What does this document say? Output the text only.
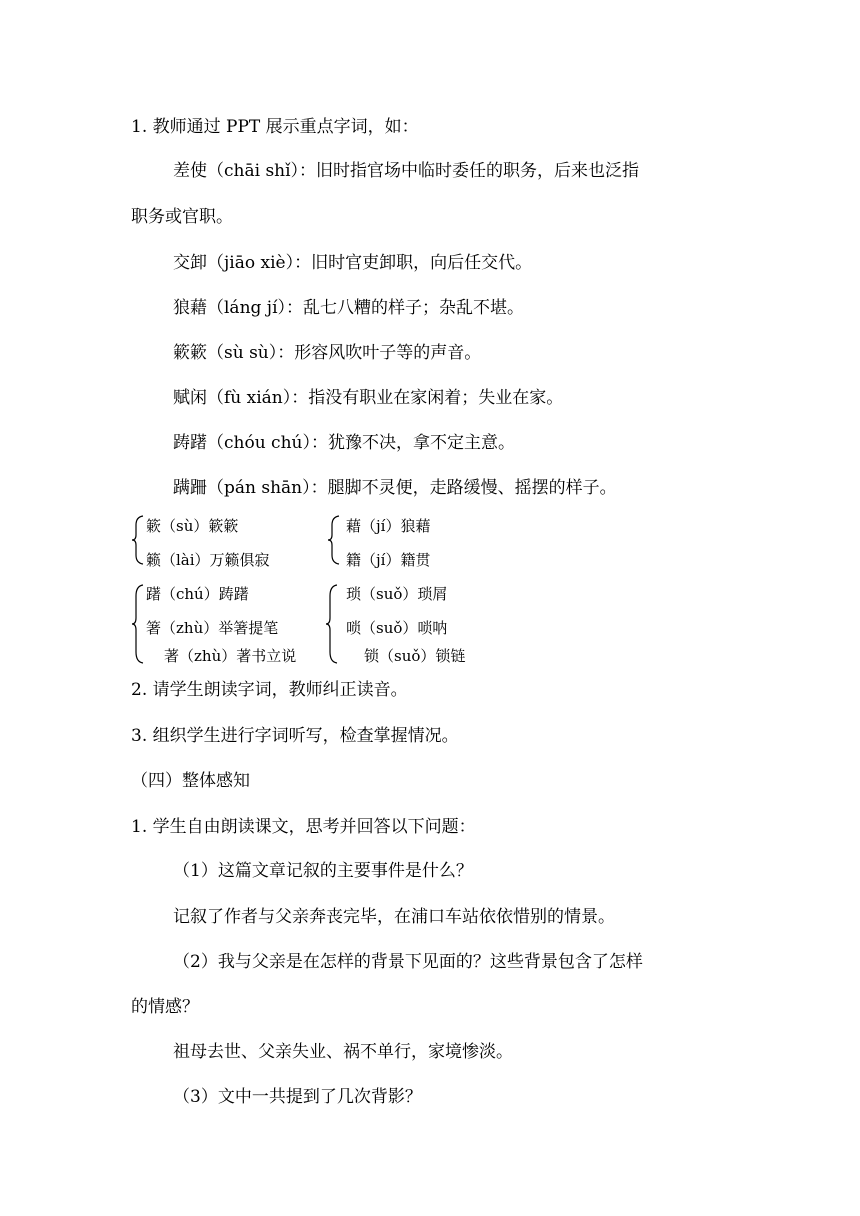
1. 教师通过 PPT 展示重点字词，如：
差使（chāi shǐ）：旧时指官场中临时委任的职务，后来也泛指
职务或官职。
交卸（jiāo xiè）：旧时官吏卸职，向后任交代。
狼藉（láng jí）：乱七八糟的样子；杂乱不堪。
簌簌（sù sù）：形容风吹叶子等的声音。
赋闲（fù xián）：指没有职业在家闲着；失业在家。
踌躇（chóu chú）：犹豫不决，拿不定主意。
蹒跚（pán shān）：腿脚不灵便，走路缓慢、摇摆的样子。
簌（sù）簌簌
籁（lài）万籁俱寂
藉（jí）狼藉
籍（jí）籍贯
躇（chú）踌躇
箸（zhù）举箸提笔
著（zhù）著书立说
琐（suǒ）琐屑
唢（suǒ）唢呐
锁（suǒ）锁链
2. 请学生朗读字词，教师纠正读音。
3. 组织学生进行字词听写，检查掌握情况。
（四）整体感知
1. 学生自由朗读课文，思考并回答以下问题：
（1）这篇文章记叙的主要事件是什么？
记叙了作者与父亲奔丧完毕，在浦口车站依依惜别的情景。
（2）我与父亲是在怎样的背景下见面的？这些背景包含了怎样
的情感？
祖母去世、父亲失业、祸不单行，家境惨淡。
（3）文中一共提到了几次背影？
